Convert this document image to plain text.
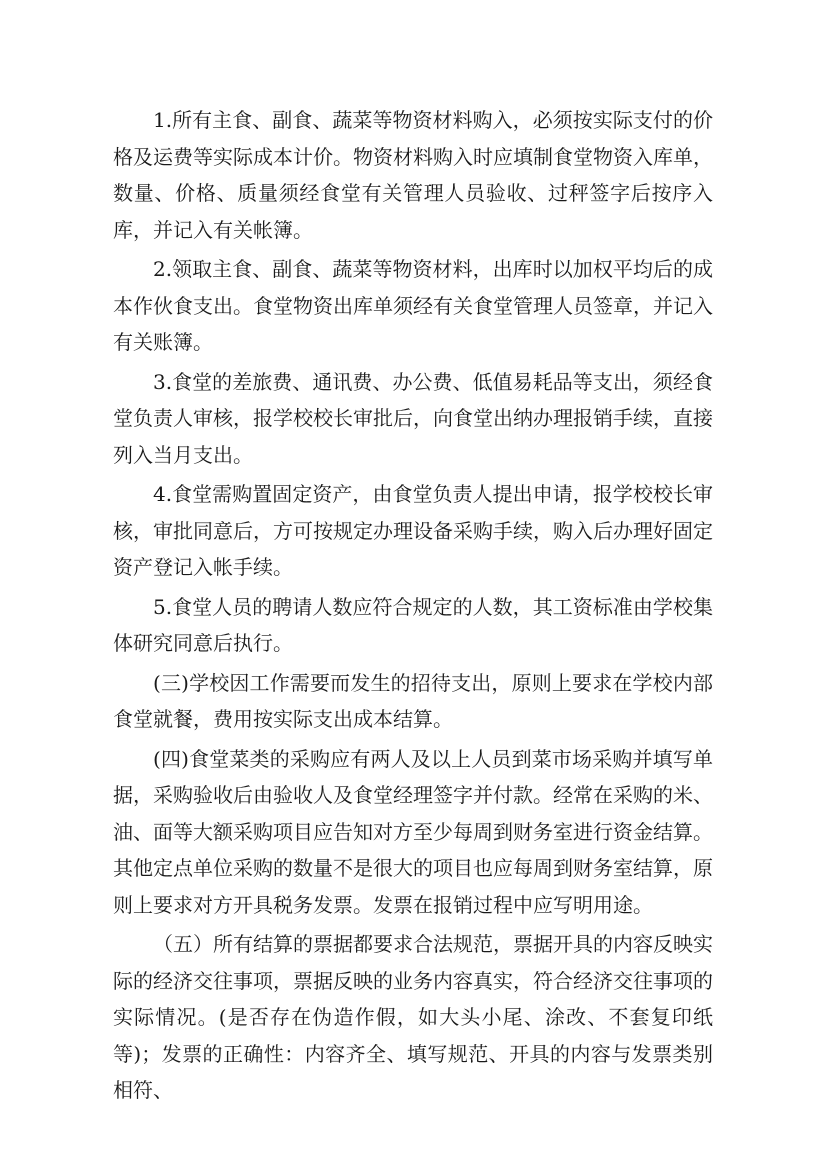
1.所有主食、副食、蔬菜等物资材料购入，必须按实际支付的价格及运费等实际成本计价。物资材料购入时应填制食堂物资入库单，数量、价格、质量须经食堂有关管理人员验收、过秤签字后按序入库，并记入有关帐簿。

2.领取主食、副食、蔬菜等物资材料，出库时以加权平均后的成本作伙食支出。食堂物资出库单须经有关食堂管理人员签章，并记入有关账簿。

3.食堂的差旅费、通讯费、办公费、低值易耗品等支出，须经食堂负责人审核，报学校校长审批后，向食堂出纳办理报销手续，直接列入当月支出。

4.食堂需购置固定资产，由食堂负责人提出申请，报学校校长审核，审批同意后，方可按规定办理设备采购手续，购入后办理好固定资产登记入帐手续。

5.食堂人员的聘请人数应符合规定的人数，其工资标准由学校集体研究同意后执行。

(三)学校因工作需要而发生的招待支出，原则上要求在学校内部食堂就餐，费用按实际支出成本结算。

(四)食堂菜类的采购应有两人及以上人员到菜市场采购并填写单据，采购验收后由验收人及食堂经理签字并付款。经常在采购的米、油、面等大额采购项目应告知对方至少每周到财务室进行资金结算。其他定点单位采购的数量不是很大的项目也应每周到财务室结算，原则上要求对方开具税务发票。发票在报销过程中应写明用途。

（五）所有结算的票据都要求合法规范，票据开具的内容反映实际的经济交往事项，票据反映的业务内容真实，符合经济交往事项的实际情况。(是否存在伪造作假，如大头小尾、涂改、不套复印纸等)；发票的正确性：内容齐全、填写规范、开具的内容与发票类别相符、
